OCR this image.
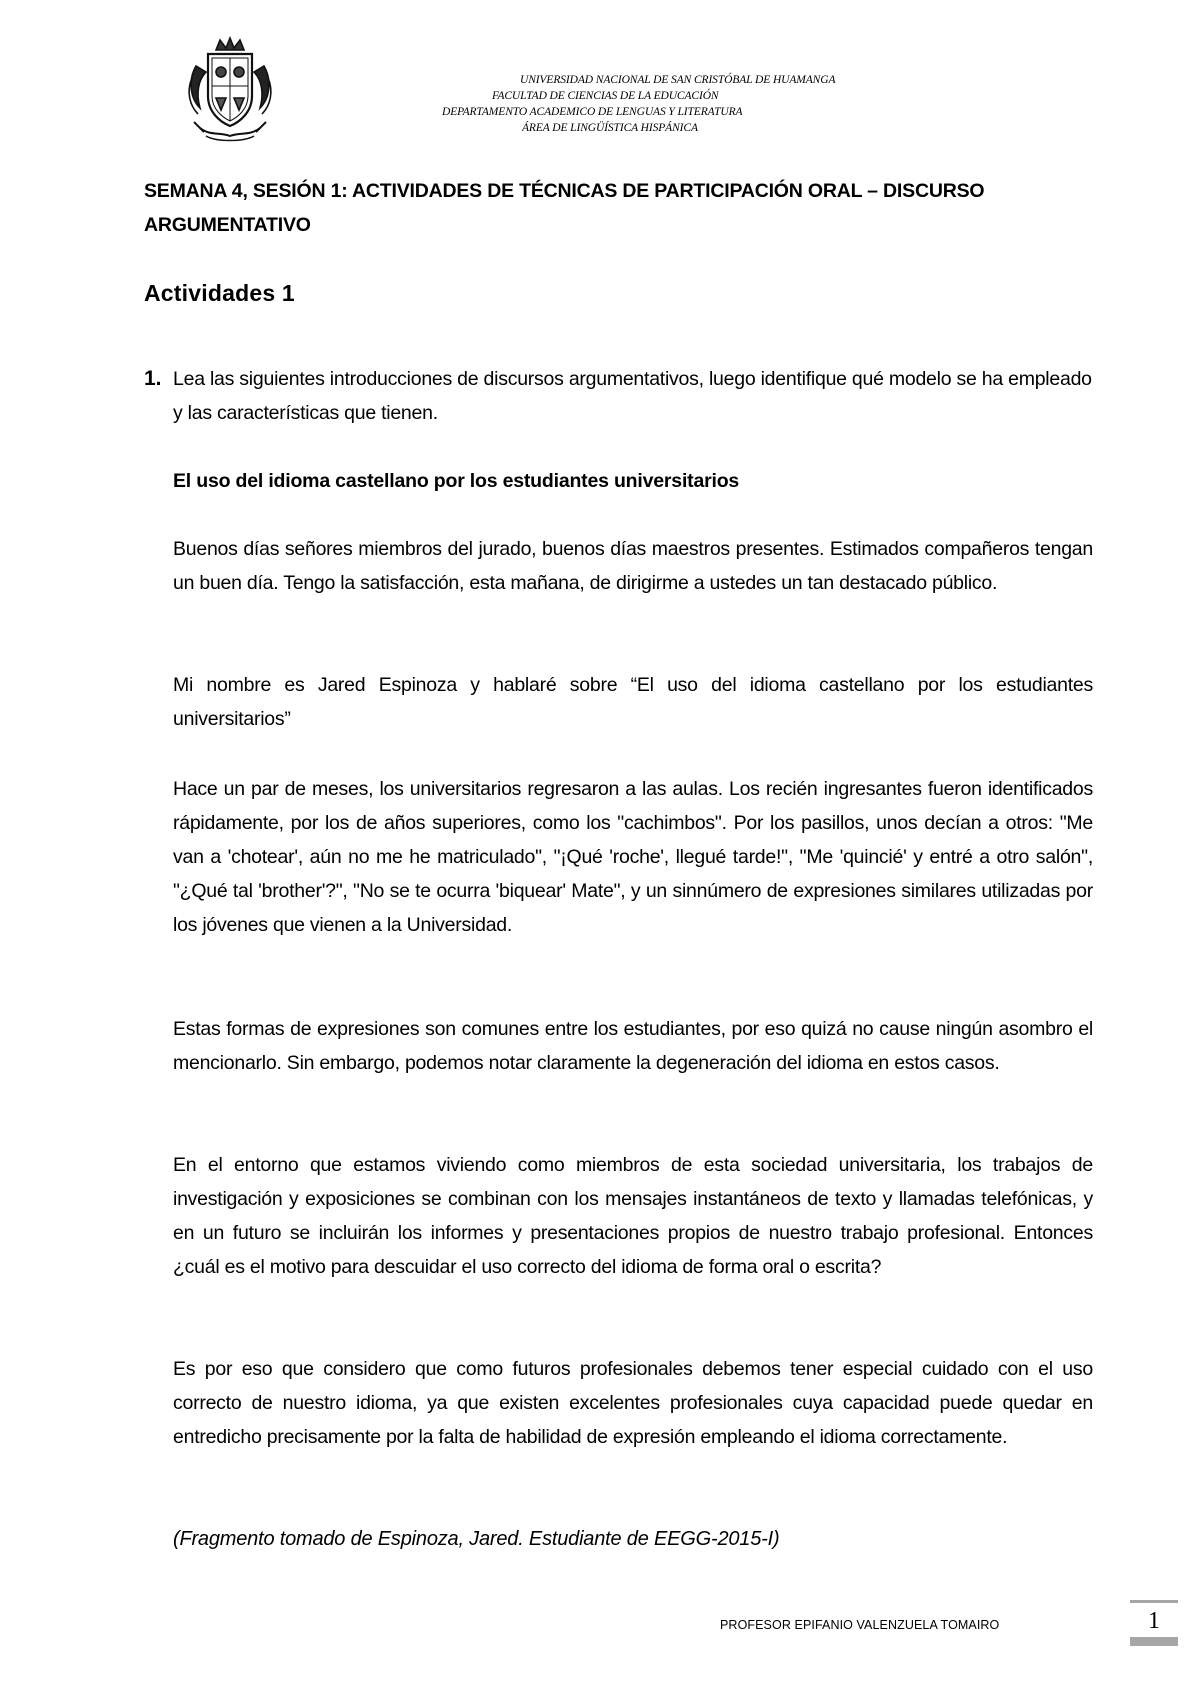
UNIVERSIDAD NACIONAL DE SAN CRISTÓBAL DE HUAMANGA
FACULTAD DE CIENCIAS DE LA EDUCACIÓN
DEPARTAMENTO ACADEMICO DE LENGUAS Y LITERATURA
ÁREA DE LINGÜÍSTICA HISPÁNICA
SEMANA 4, SESIÓN 1: ACTIVIDADES DE TÉCNICAS DE PARTICIPACIÓN ORAL – DISCURSO ARGUMENTATIVO
Actividades 1
1. Lea las siguientes introducciones de discursos argumentativos, luego identifique qué modelo se ha empleado y las características que tienen.
El uso del idioma castellano por los estudiantes universitarios
Buenos días señores miembros del jurado, buenos días maestros presentes. Estimados compañeros tengan un buen día. Tengo la satisfacción, esta mañana, de dirigirme a ustedes un tan destacado público.
Mi nombre es Jared Espinoza y hablaré sobre “El uso del idioma castellano por los estudiantes universitarios”
Hace un par de meses, los universitarios regresaron a las aulas. Los recién ingresantes fueron identificados rápidamente, por los de años superiores, como los "cachimbos". Por los pasillos, unos decían a otros: "Me van a 'chotear', aún no me he matriculado", "¡Qué 'roche', llegué tarde!", "Me 'quincié' y entré a otro salón", "¿Qué tal 'brother'?", "No se te ocurra 'biquear' Mate", y un sinnúmero de expresiones similares utilizadas por los jóvenes que vienen a la Universidad.
Estas formas de expresiones son comunes entre los estudiantes, por eso quizá no cause ningún asombro el mencionarlo. Sin embargo, podemos notar claramente la degeneración del idioma en estos casos.
En el entorno que estamos viviendo como miembros de esta sociedad universitaria, los trabajos de investigación y exposiciones se combinan con los mensajes instantáneos de texto y llamadas telefónicas, y en un futuro se incluirán los informes y presentaciones propios de nuestro trabajo profesional. Entonces ¿cuál es el motivo para descuidar el uso correcto del idioma de forma oral o escrita?
Es por eso que considero que como futuros profesionales debemos tener especial cuidado con el uso correcto de nuestro idioma, ya que existen excelentes profesionales cuya capacidad puede quedar en entredicho precisamente por la falta de habilidad de expresión empleando el idioma correctamente.
(Fragmento tomado de Espinoza, Jared. Estudiante de EEGG-2015-I)
PROFESOR EPIFANIO VALENZUELA TOMAIRO	1
